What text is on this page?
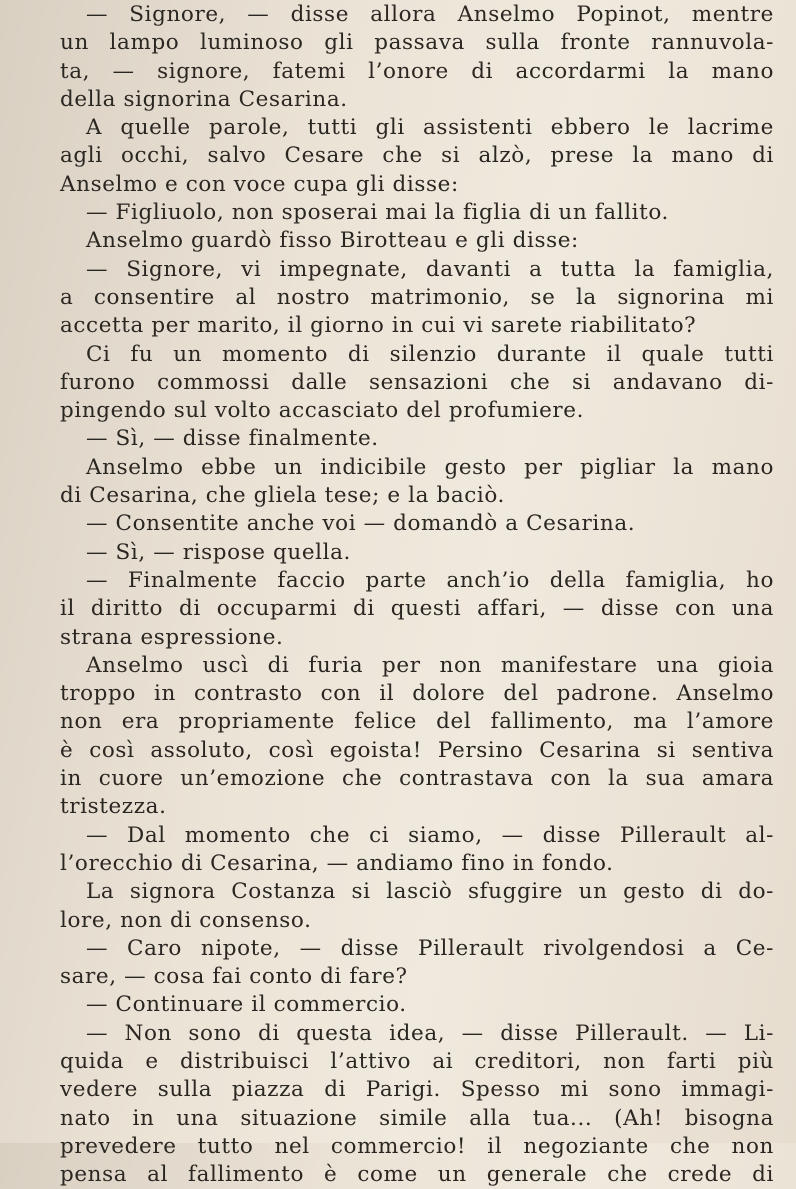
— Signore, — disse allora Anselmo Popinot, mentre
un lampo luminoso gli passava sulla fronte rannuvola-
ta, — signore, fatemi l’onore di accordarmi la mano
della signorina Cesarina.
A quelle parole, tutti gli assistenti ebbero le lacrime
agli occhi, salvo Cesare che si alzò, prese la mano di
Anselmo e con voce cupa gli disse:
— Figliuolo, non sposerai mai la figlia di un fallito.
Anselmo guardò fisso Birotteau e gli disse:
— Signore, vi impegnate, davanti a tutta la famiglia,
a consentire al nostro matrimonio, se la signorina mi
accetta per marito, il giorno in cui vi sarete riabilitato?
Ci fu un momento di silenzio durante il quale tutti
furono commossi dalle sensazioni che si andavano di-
pingendo sul volto accasciato del profumiere.
— Sì, — disse finalmente.
Anselmo ebbe un indicibile gesto per pigliar la mano
di Cesarina, che gliela tese; e la baciò.
— Consentite anche voi — domandò a Cesarina.
— Sì, — rispose quella.
— Finalmente faccio parte anch’io della famiglia, ho
il diritto di occuparmi di questi affari, — disse con una
strana espressione.
Anselmo uscì di furia per non manifestare una gioia
troppo in contrasto con il dolore del padrone. Anselmo
non era propriamente felice del fallimento, ma l’amore
è così assoluto, così egoista! Persino Cesarina si sentiva
in cuore un’emozione che contrastava con la sua amara
tristezza.
— Dal momento che ci siamo, — disse Pillerault al-
l’orecchio di Cesarina, — andiamo fino in fondo.
La signora Costanza si lasciò sfuggire un gesto di do-
lore, non di consenso.
— Caro nipote, — disse Pillerault rivolgendosi a Ce-
sare, — cosa fai conto di fare?
— Continuare il commercio.
— Non sono di questa idea, — disse Pillerault. — Li-
quida e distribuisci l’attivo ai creditori, non farti più
vedere sulla piazza di Parigi. Spesso mi sono immagi-
nato in una situazione simile alla tua... (Ah! bisogna
prevedere tutto nel commercio! il negoziante che non
pensa al fallimento è come un generale che crede di
